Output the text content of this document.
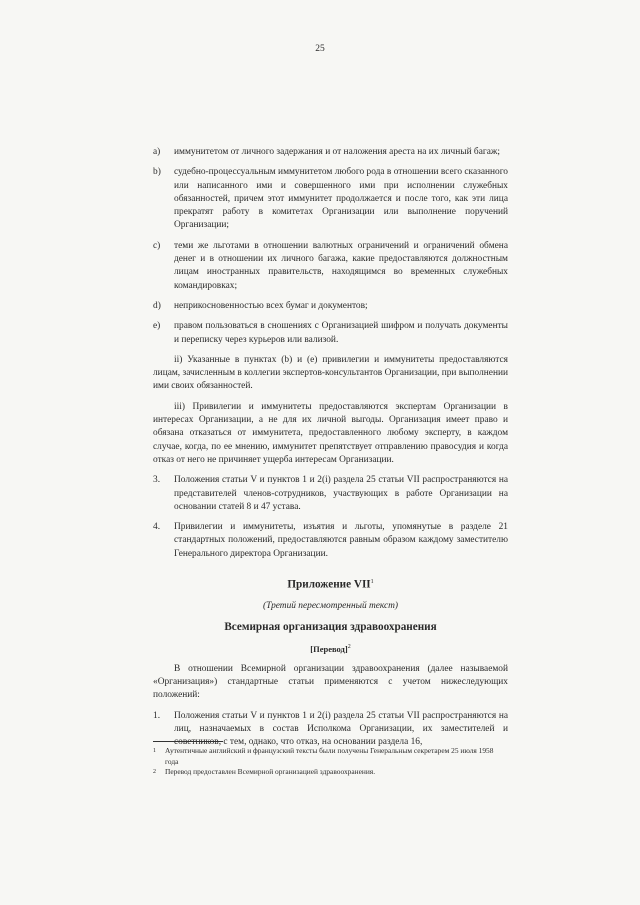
25
a)	иммунитетом от личного задержания и от наложения ареста на их личный багаж;
b)	судебно-процессуальным иммунитетом любого рода в отношении всего сказанного или написанного ими и совершенного ими при исполнении служебных обязанностей, причем этот иммунитет продолжается и после того, как эти лица прекратят работу в комитетах Организации или выполнение поручений Организации;
c)	теми же льготами в отношении валютных ограничений и ограничений обмена денег и в отношении их личного багажа, какие предоставляются должностным лицам иностранных правительств, находящимся во временных служебных командировках;
d)	неприкосновенностью всех бумаг и документов;
e)	правом пользоваться в сношениях с Организацией шифром и получать документы и переписку через курьеров или вализой.

ii) Указанные в пунктах (b) и (e) привилегии и иммунитеты предоставляются лицам, зачисленным в коллегии экспертов-консультантов Организации, при выполнении ими своих обязанностей.

iii) Привилегии и иммунитеты предоставляются экспертам Организации в интересах Организации, а не для их личной выгоды. Организация имеет право и обязана отказаться от иммунитета, предоставленного любому эксперту, в каждом случае, когда, по ее мнению, иммунитет препятствует отправлению правосудия и когда отказ от него не причиняет ущерба интересам Организации.

3.	Положения статьи V и пунктов 1 и 2(i) раздела 25 статьи VII распространяются на представителей членов-сотрудников, участвующих в работе Организации на основании статей 8 и 47 устава.
4.	Привилегии и иммунитеты, изъятия и льготы, упомянутые в разделе 21 стандартных положений, предоставляются равным образом каждому заместителю Генерального директора Организации.

Приложение VII$^1$

(Третий пересмотренный текст)

Всемирная организация здравоохранения

[Перевод]$^2$

В отношении Всемирной организации здравоохранения (далее называемой «Организация») стандартные статьи применяются с учетом нижеследующих положений:

1.	Положения статьи V и пунктов 1 и 2(i) раздела 25 статьи VII распространяются на лиц, назначаемых в состав Исполкома Организации, их заместителей и советников, с тем, однако, что отказ, на основании раздела 16,
1	Аутентичные английский и французский тексты были получены Генеральным секретарем 25 июля 1958 года
2	Перевод предоставлен Всемирной организацией здравоохранения.
